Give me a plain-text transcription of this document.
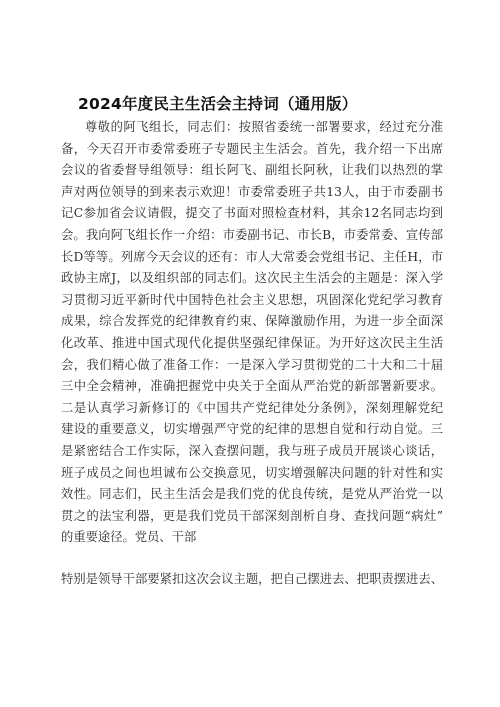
2024年度民主生活会主持词（通用版）
尊敬的阿飞组长，同志们：按照省委统一部署要求，经过充分准
备，今天召开市委常委班子专题民主生活会。首先，我介绍一下出席
会议的省委督导组领导：组长阿飞、副组长阿秋，让我们以热烈的掌
声对两位领导的到来表示欢迎！市委常委班子共13人，由于市委副书
记C参加省会议请假，提交了书面对照检查材料，其余12名同志均到
会。我向阿飞组长作一介绍：市委副书记、市长B，市委常委、宣传部
长D等等。列席今天会议的还有：市人大常委会党组书记、主任H，市
政协主席J，以及组织部的同志们。这次民主生活会的主题是：深入学
习贯彻习近平新时代中国特色社会主义思想，巩固深化党纪学习教育
成果，综合发挥党的纪律教育约束、保障激励作用，为进一步全面深
化改革、推进中国式现代化提供坚强纪律保证。为开好这次民主生活
会，我们精心做了准备工作：一是深入学习贯彻党的二十大和二十届
三中全会精神，准确把握党中央关于全面从严治党的新部署新要求。
二是认真学习新修订的《中国共产党纪律处分条例》，深刻理解党纪
建设的重要意义，切实增强严守党的纪律的思想自觉和行动自觉。三
是紧密结合工作实际，深入查摆问题，我与班子成员开展谈心谈话，
班子成员之间也坦诚布公交换意见，切实增强解决问题的针对性和实
效性。同志们，民主生活会是我们党的优良传统，是党从严治党一以
贯之的法宝利器，更是我们党员干部深刻剖析自身、查找问题“病灶”
的重要途径。党员、干部
特别是领导干部要紧扣这次会议主题，把自己摆进去、把职责摆进去、
